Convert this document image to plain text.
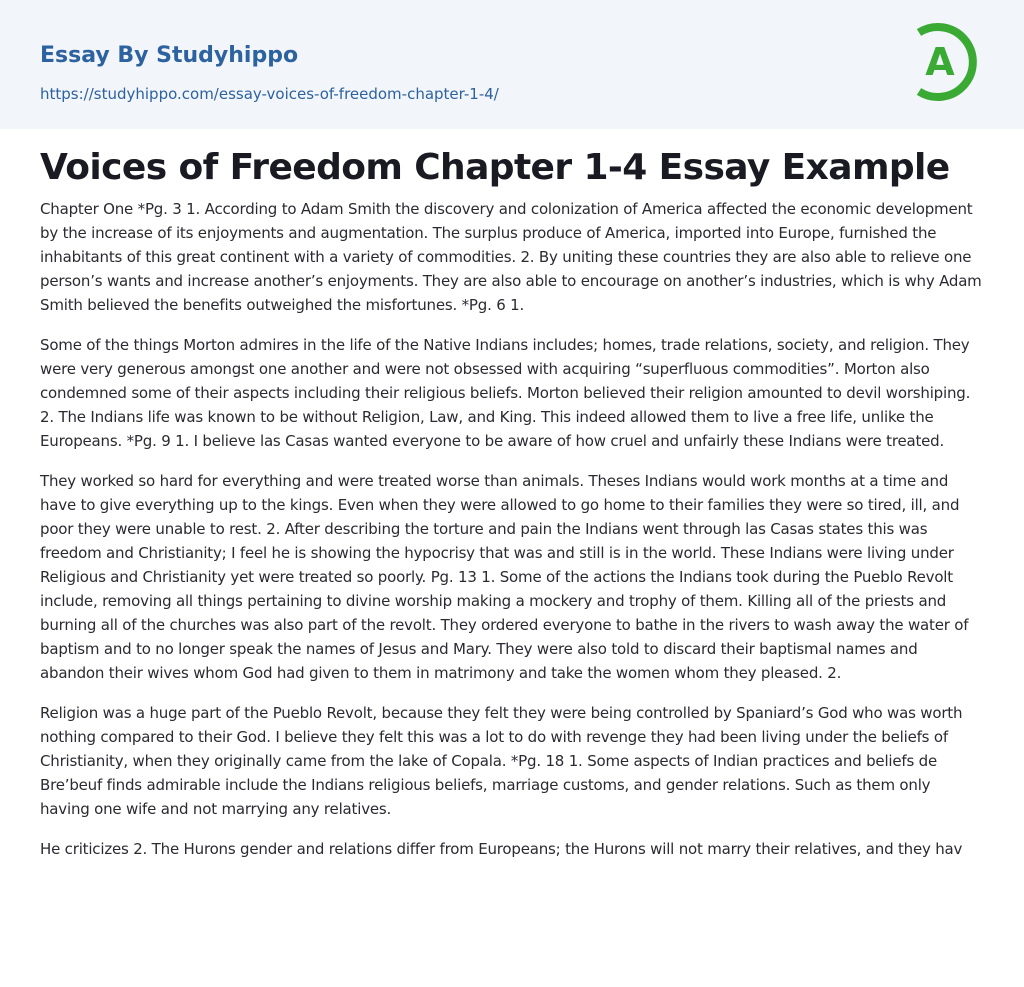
Essay By Studyhippo
https://studyhippo.com/essay-voices-of-freedom-chapter-1-4/
A
Voices of Freedom Chapter 1-4 Essay Example

Chapter One *Pg. 3 1. According to Adam Smith the discovery and colonization of America affected the economic development by the increase of its enjoyments and augmentation. The surplus produce of America, imported into Europe, furnished the inhabitants of this great continent with a variety of commodities. 2. By uniting these countries they are also able to relieve one person’s wants and increase another’s enjoyments. They are also able to encourage on another’s industries, which is why Adam Smith believed the benefits outweighed the misfortunes. *Pg. 6 1.

Some of the things Morton admires in the life of the Native Indians includes; homes, trade relations, society, and religion. They were very generous amongst one another and were not obsessed with acquiring “superfluous commodities”. Morton also condemned some of their aspects including their religious beliefs. Morton believed their religion amounted to devil worshiping. 2. The Indians life was known to be without Religion, Law, and King. This indeed allowed them to live a free life, unlike the Europeans. *Pg. 9 1. I believe las Casas wanted everyone to be aware of how cruel and unfairly these Indians were treated.

They worked so hard for everything and were treated worse than animals. Theses Indians would work months at a time and have to give everything up to the kings. Even when they were allowed to go home to their families they were so tired, ill, and poor they were unable to rest. 2. After describing the torture and pain the Indians went through las Casas states this was freedom and Christianity; I feel he is showing the hypocrisy that was and still is in the world. These Indians were living under Religious and Christianity yet were treated so poorly. Pg. 13 1. Some of the actions the Indians took during the Pueblo Revolt include, removing all things pertaining to divine worship making a mockery and trophy of them. Killing all of the priests and burning all of the churches was also part of the revolt. They ordered everyone to bathe in the rivers to wash away the water of baptism and to no longer speak the names of Jesus and Mary. They were also told to discard their baptismal names and abandon their wives whom God had given to them in matrimony and take the women whom they pleased. 2.

Religion was a huge part of the Pueblo Revolt, because they felt they were being controlled by Spaniard’s God who was worth nothing compared to their God. I believe they felt this was a lot to do with revenge they had been living under the beliefs of Christianity, when they originally came from the lake of Copala. *Pg. 18 1. Some aspects of Indian practices and beliefs de Bre’beuf finds admirable include the Indians religious beliefs, marriage customs, and gender relations. Such as them only having one wife and not marrying any relatives.

He criticizes 2. The Hurons gender and relations differ from Europeans; the Hurons will not marry their relatives, and they hav
